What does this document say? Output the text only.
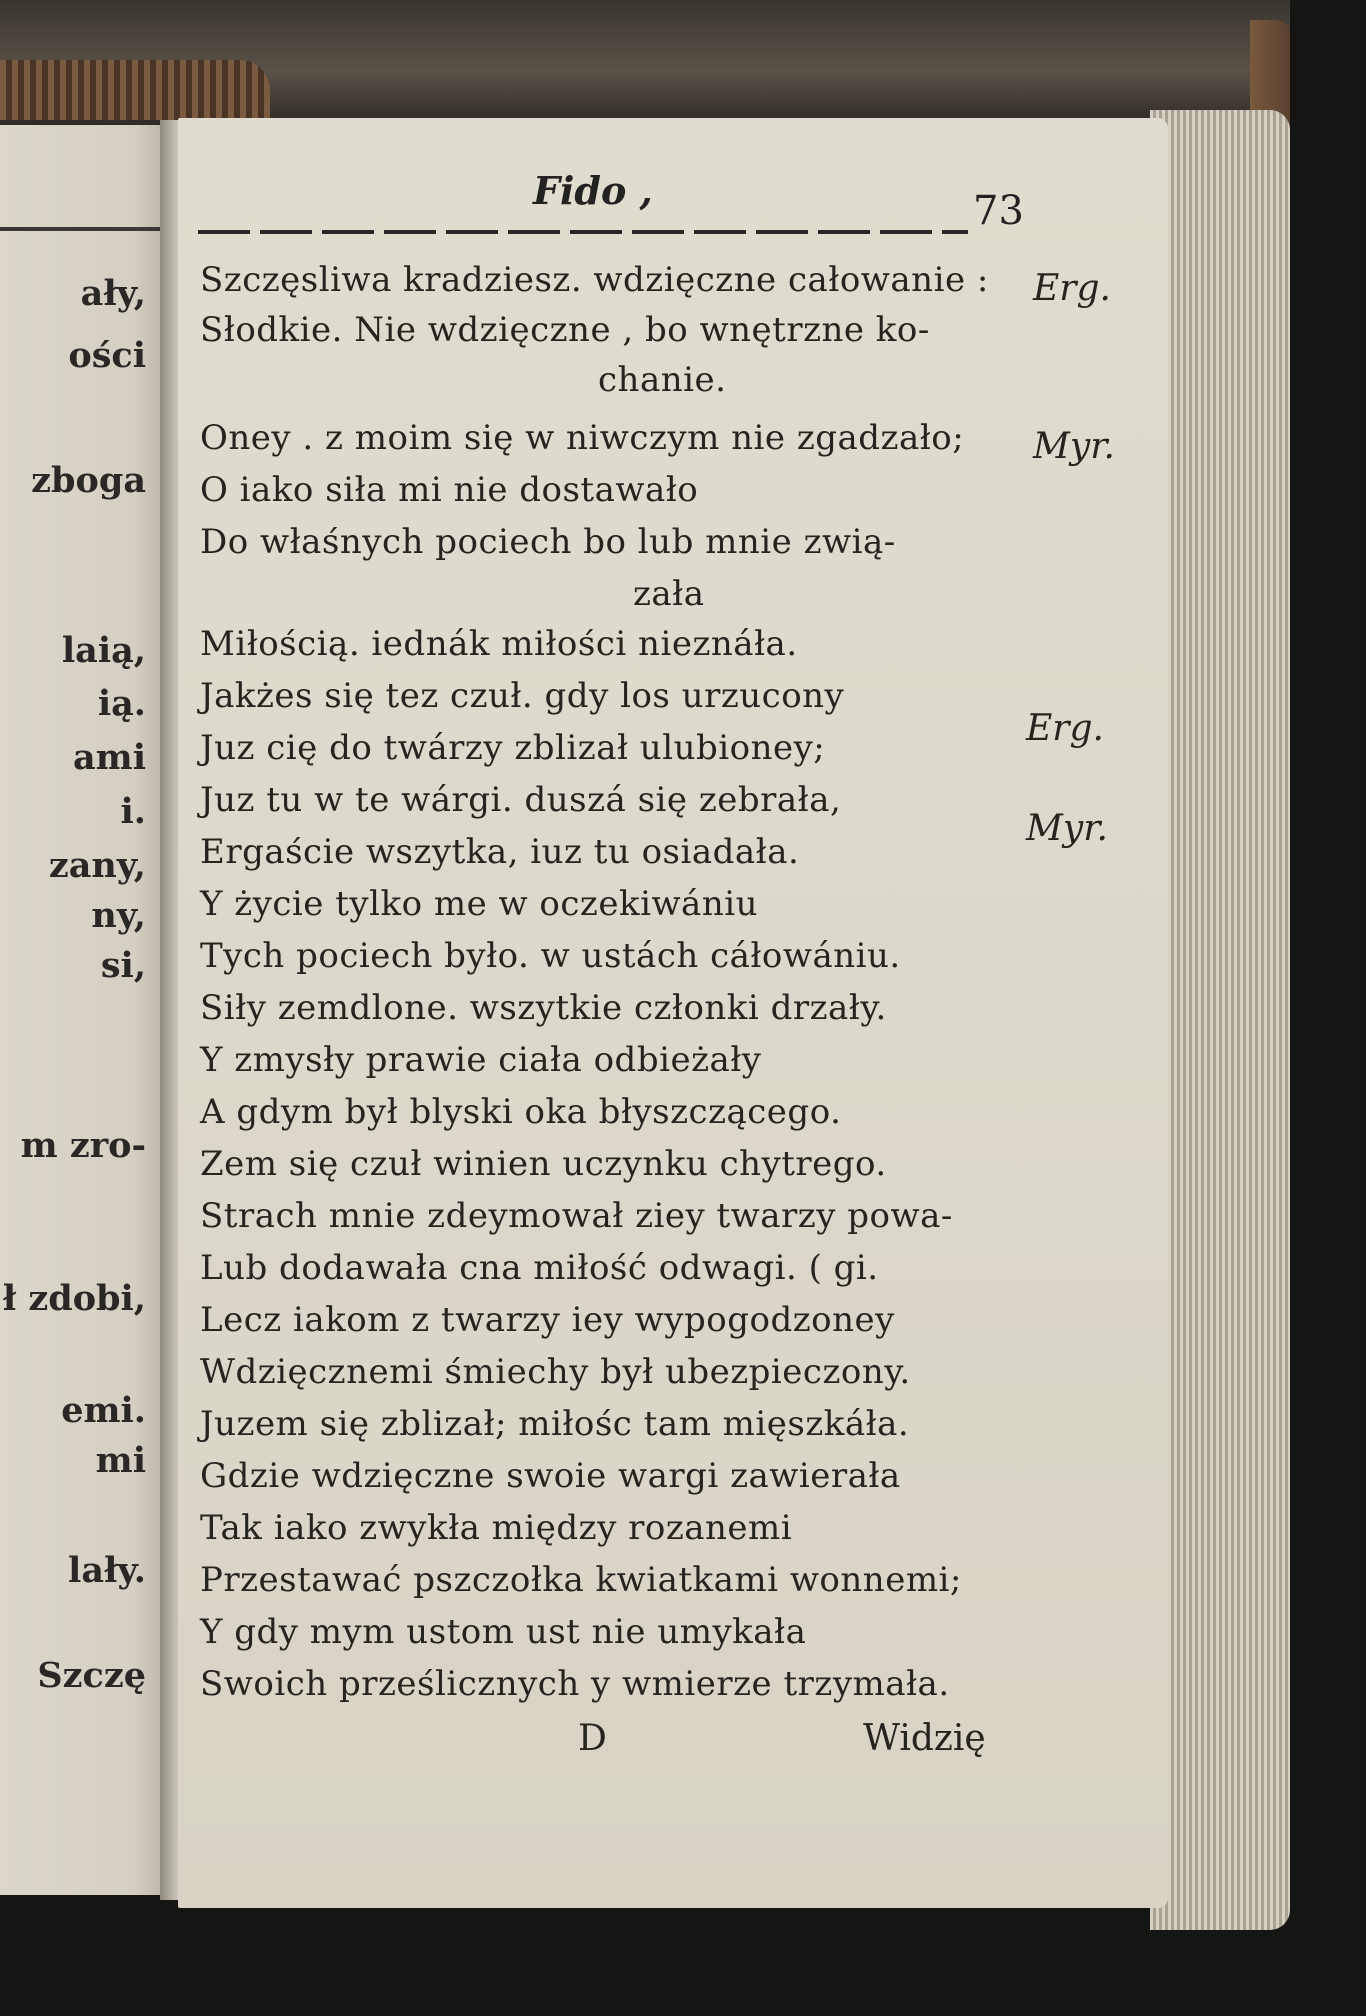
ały,
ości
zboga
laią,
ią.
ami
i.
zany,
ny,
si,
m zro-
ł zdobi,
emi.
mi
lały.
Szczę
Fido ,	73
Szczęsliwa kradziesz. wdzięczne całowanie :
Słodkie. Nie wdzięczne , bo wnętrzne ko-
chanie.
Oney . z moim się w niwczym nie zgadzało;
O iako siła mi nie dostawało
Do właśnych pociech bo lub mnie zwią-
zała
Miłością. iednák miłości nieznáła.
Jakżes się tez czuł. gdy los urzucony
Juz cię do twárzy zblizał ulubioney;
Juz tu w te wárgi. duszá się zebrała,
Ergaście wszytka, iuz tu osiadała.
Y życie tylko me w oczekiwániu
Tych pociech było. w ustách cáłowániu.
Siły zemdlone. wszytkie członki drzały.
Y zmysły prawie ciała odbieżały
A gdym był blyski oka błyszczącego.
Zem się czuł winien uczynku chytrego.
Strach mnie zdeymował ziey twarzy powa-
Lub dodawała cna miłość odwagi. ( gi.
Lecz iakom z twarzy iey wypogodzoney
Wdzięcznemi śmiechy był ubezpieczony.
Juzem się zblizał; miłośc tam mięszkáła.
Gdzie wdzięczne swoie wargi zawierała
Tak iako zwykła między rozanemi
Przestawać pszczołka kwiatkami wonnemi;
Y gdy mym ustom ust nie umykała
Swoich prześlicznych y wmierze trzymała.
Erg.
Myr.
Erg.
Myr.
D	Widzię
